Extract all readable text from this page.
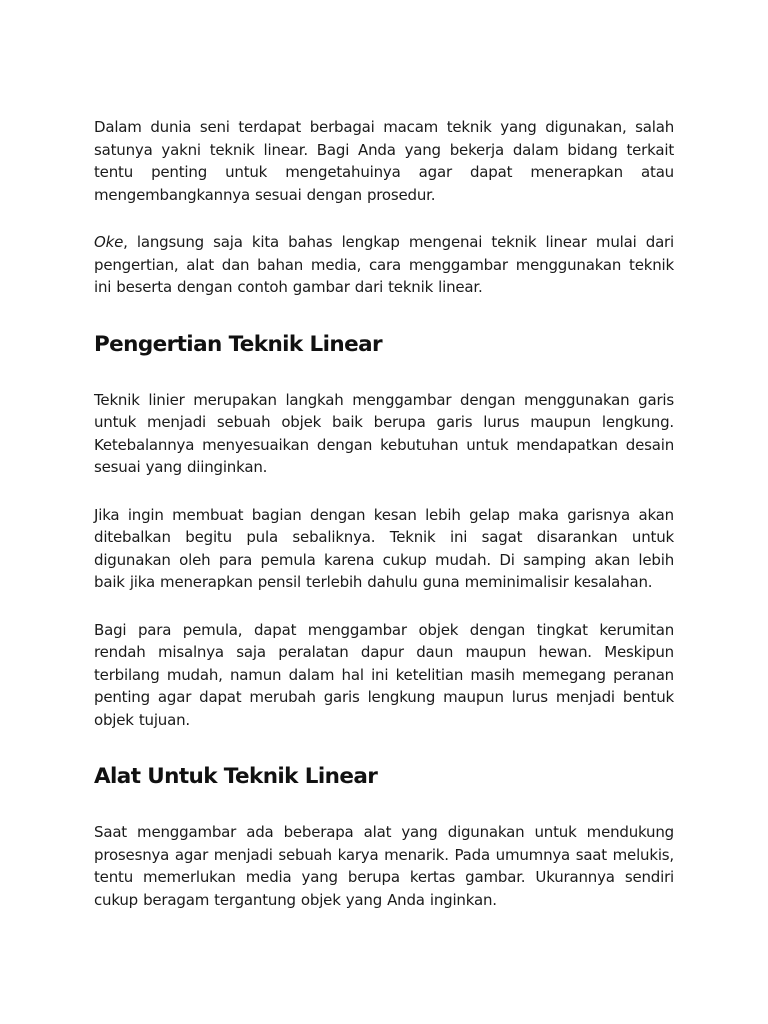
Dalam dunia seni terdapat berbagai macam teknik yang digunakan, salah satunya yakni teknik linear. Bagi Anda yang bekerja dalam bidang terkait tentu penting untuk mengetahuinya agar dapat menerapkan atau mengembangkannya sesuai dengan prosedur.

Oke, langsung saja kita bahas lengkap mengenai teknik linear mulai dari pengertian, alat dan bahan media, cara menggambar menggunakan teknik ini beserta dengan contoh gambar dari teknik linear.

Pengertian Teknik Linear

Teknik linier merupakan langkah menggambar dengan menggunakan garis untuk menjadi sebuah objek baik berupa garis lurus maupun lengkung. Ketebalannya menyesuaikan dengan kebutuhan untuk mendapatkan desain sesuai yang diinginkan.

Jika ingin membuat bagian dengan kesan lebih gelap maka garisnya akan ditebalkan begitu pula sebaliknya. Teknik ini sagat disarankan untuk digunakan oleh para pemula karena cukup mudah. Di samping akan lebih baik jika menerapkan pensil terlebih dahulu guna meminimalisir kesalahan.

Bagi para pemula, dapat menggambar objek dengan tingkat kerumitan rendah misalnya saja peralatan dapur daun maupun hewan. Meskipun terbilang mudah, namun dalam hal ini ketelitian masih memegang peranan penting agar dapat merubah garis lengkung maupun lurus menjadi bentuk objek tujuan.

Alat Untuk Teknik Linear

Saat menggambar ada beberapa alat yang digunakan untuk mendukung prosesnya agar menjadi sebuah karya menarik. Pada umumnya saat melukis, tentu memerlukan media yang berupa kertas gambar. Ukurannya sendiri cukup beragam tergantung objek yang Anda inginkan.
